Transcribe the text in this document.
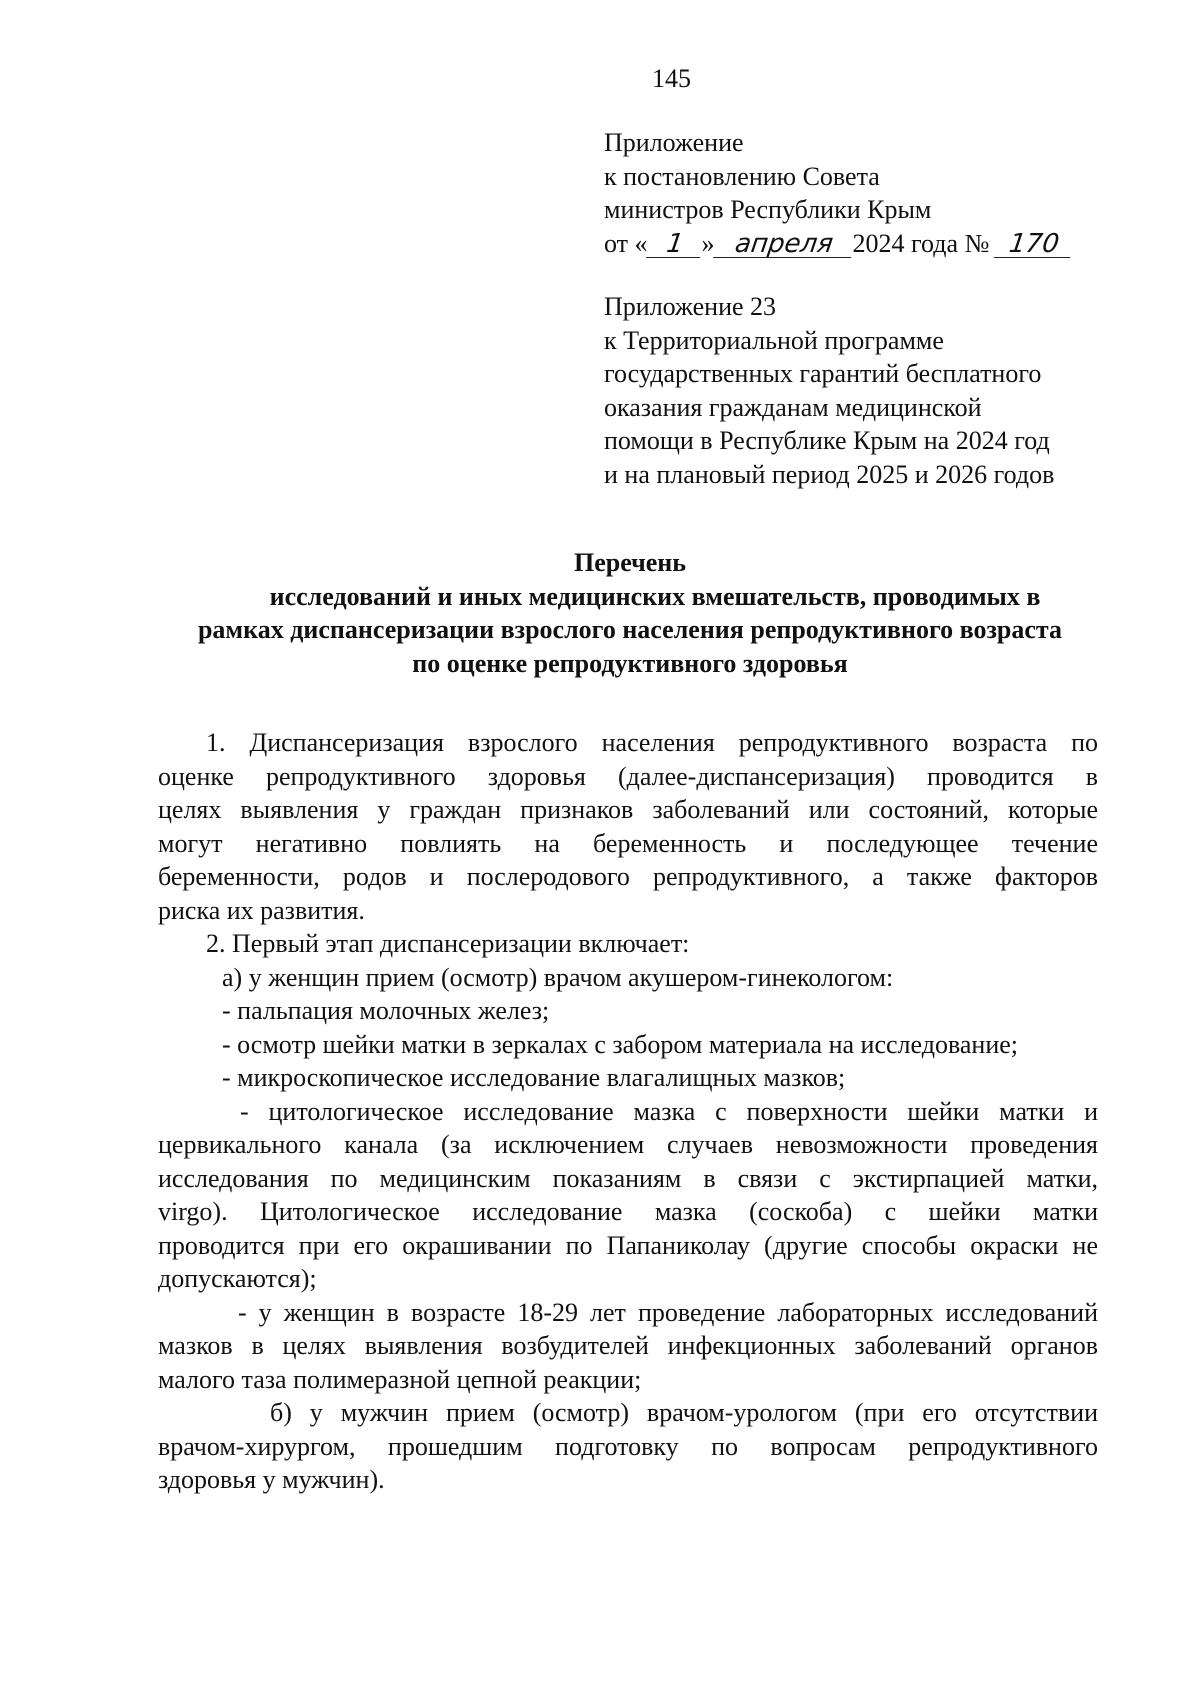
145
Приложение
к постановлению Совета
министров Республики Крым
от « 1 » апреля 2024 года № 170
Приложение 23
к Территориальной программе
государственных гарантий бесплатного
оказания гражданам медицинской
помощи в Республике Крым на 2024 год
и на плановый период 2025 и 2026 годов
Перечень
исследований и иных медицинских вмешательств, проводимых в
рамках диспансеризации взрослого населения репродуктивного возраста
по оценке репродуктивного здоровья
1. Диспансеризация взрослого населения репродуктивного возраста по
оценке репродуктивного здоровья (далее-диспансеризация) проводится в
целях выявления у граждан признаков заболеваний или состояний, которые
могут негативно повлиять на беременность и последующее течение
беременности, родов и послеродового репродуктивного, а также факторов
риска их развития.
2. Первый этап диспансеризации включает:
а) у женщин прием (осмотр) врачом акушером-гинекологом:
- пальпация молочных желез;
- осмотр шейки матки в зеркалах с забором материала на исследование;
- микроскопическое исследование влагалищных мазков;
- цитологическое исследование мазка с поверхности шейки матки и
цервикального канала (за исключением случаев невозможности проведения
исследования по медицинским показаниям в связи с экстирпацией матки,
virgo). Цитологическое исследование мазка (соскоба) с шейки матки
проводится при его окрашивании по Папаниколау (другие способы окраски не
допускаются);
- у женщин в возрасте 18-29 лет проведение лабораторных исследований
мазков в целях выявления возбудителей инфекционных заболеваний органов
малого таза полимеразной цепной реакции;
б) у мужчин прием (осмотр) врачом-урологом (при его отсутствии
врачом-хирургом, прошедшим подготовку по вопросам репродуктивного
здоровья у мужчин).
